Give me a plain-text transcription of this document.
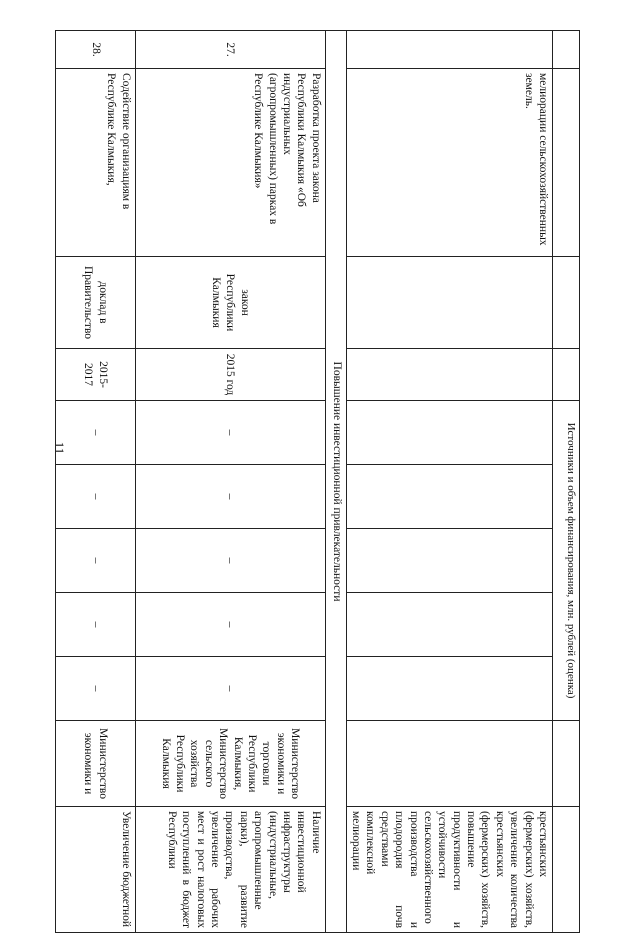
11
					Источники и объем финансирования, млн. рублей (оценка)						
	мелиорации сельскохозяйственных земель.									крестьянских (фермерских) хозяйств, увеличение количества крестьянских (фермерских) хозяйств, повышение продуктивности и устойчивости сельскохозяйственного производства и плодородия почв средствами комплексной мелиорации
Повышение инвестиционной привлекательности										
27.	Разработка проекта закона Республики Калмыкия «Об индустриальных (агропромышленных) парках в Республике Калмыкия»	закон Республики Калмыкия	2015 год	–	–	–	–	–	Министерство экономики и торговли Республики Калмыкия, Министерство сельского хозяйства Республики Калмыкия	Наличие инвестиционной инфраструктуры (индустриальные, агропромышленные парки), развитие производства, увеличение рабочих мест и рост налоговых поступлений в бюджет Республики
28.	Содействие организациям в Республике Калмыкия,	доклад в Правительство	2015-2017	–	–	–	–	–	Министерство экономики и	Увеличение бюджетной
